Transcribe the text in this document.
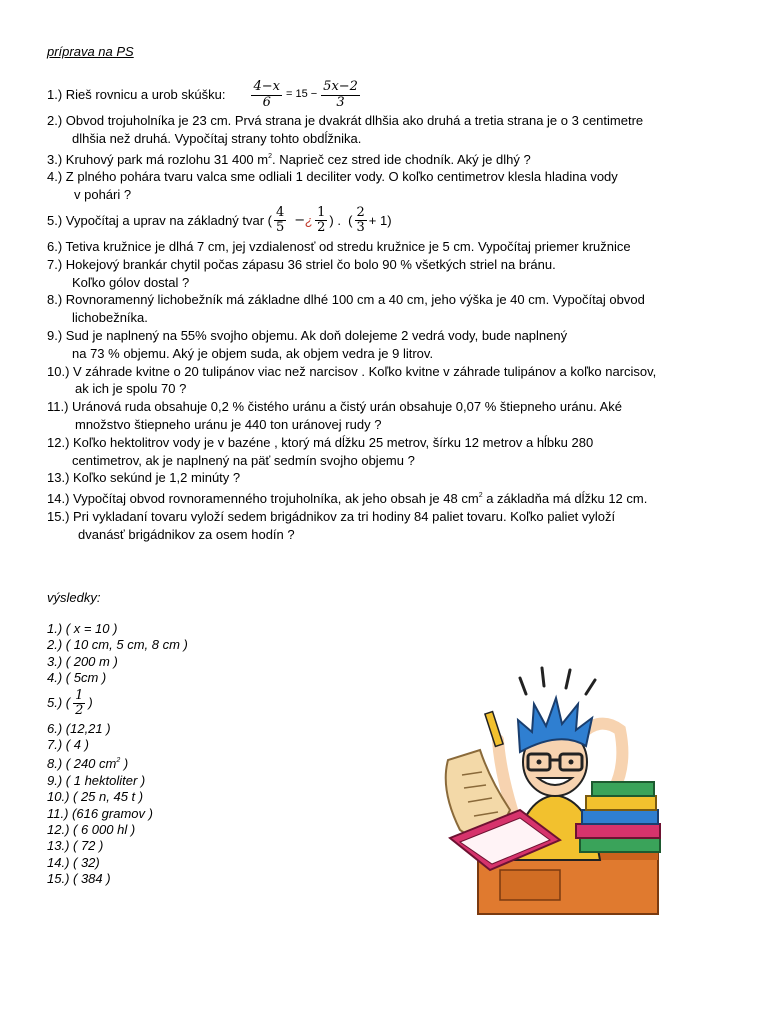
príprava na PS
1.) Rieš rovnicu a urob skúšku: $\frac{4-x}{6} = 15 - \frac{5x-2}{3}$
2.) Obvod trojuholníka je 23 cm. Prvá strana je dvakrát dlhšia ako druhá a tretia strana je o 3 centimetre
dlhšia než druhá. Vypočítaj strany tohto obdĺžnika.
3.) Kruhový park má rozlohu 31 400 $m^2$. Naprieč cez stred ide chodník. Aký je dlhý ?
4.) Z plného pohára tvaru valca sme odliali 1 deciliter vody. O koľko centimetrov klesla hladina vody
v pohári ?
5.) Vypočítaj a uprav na základný tvar ( $\frac{4}{5}$ − ¿ $\frac{1}{2}$ ) .  ( $\frac{2}{3} + 1$)
6.) Tetiva kružnice je dlhá 7 cm, jej vzdialenosť od stredu kružnice je 5 cm. Vypočítaj priemer kružnice
7.) Hokejový brankár chytil počas zápasu 36 striel čo bolo 90 % všetkých striel na bránu.
Koľko gólov dostal ?
8.) Rovnoramenný lichobežník má základne dlhé 100 cm a 40 cm, jeho výška je 40 cm. Vypočítaj obvod
lichobežníka.
9.) Sud je naplnený na 55% svojho objemu. Ak doň dolejeme 2 vedrá vody, bude naplnený
na 73 % objemu. Aký je objem suda, ak objem vedra je 9 litrov.
10.) V záhrade kvitne o 20 tulipánov viac než narcisov . Koľko kvitne v záhrade tulipánov a koľko narcisov,
ak ich je spolu 70 ?
11.) Uránová ruda obsahuje 0,2 % čistého uránu a čistý urán obsahuje 0,07 % štiepneho uránu. Aké
množstvo štiepneho uránu je 440 ton uránovej rudy ?
12.) Koľko hektolitrov vody je v bazéne , ktorý má dĺžku 25 metrov, šírku 12 metrov a hĺbku 280
centimetrov, ak je naplnený na päť sedmín svojho objemu ?
13.) Koľko sekúnd je 1,2 minúty ?
14.) Vypočítaj obvod rovnoramenného trojuholníka, ak jeho obsah je 48 $cm^2$ a základňa má dĺžku 12 cm.
15.) Pri vykladaní tovaru vyloží sedem brigádnikov za tri hodiny 84 paliet tovaru. Koľko paliet vyloží
dvanásť brigádnikov za osem hodín ?
výsledky:
1.) ( x = 10 )
2.) ( 10 cm, 5 cm, 8 cm )
3.) ( 200 m )
4.) ( 5cm )
5.) ( $\frac{1}{2}$ )
6.) (12,21 )
7.) ( 4 )
8.) ( 240 $cm^2$ )
9.) ( 1 hektoliter )
10.) ( 25 n, 45 t )
11.) (616 gramov )
12.) ( 6 000 hl )
13.) ( 72 )
14.) ( 32)
15.) ( 384 )
